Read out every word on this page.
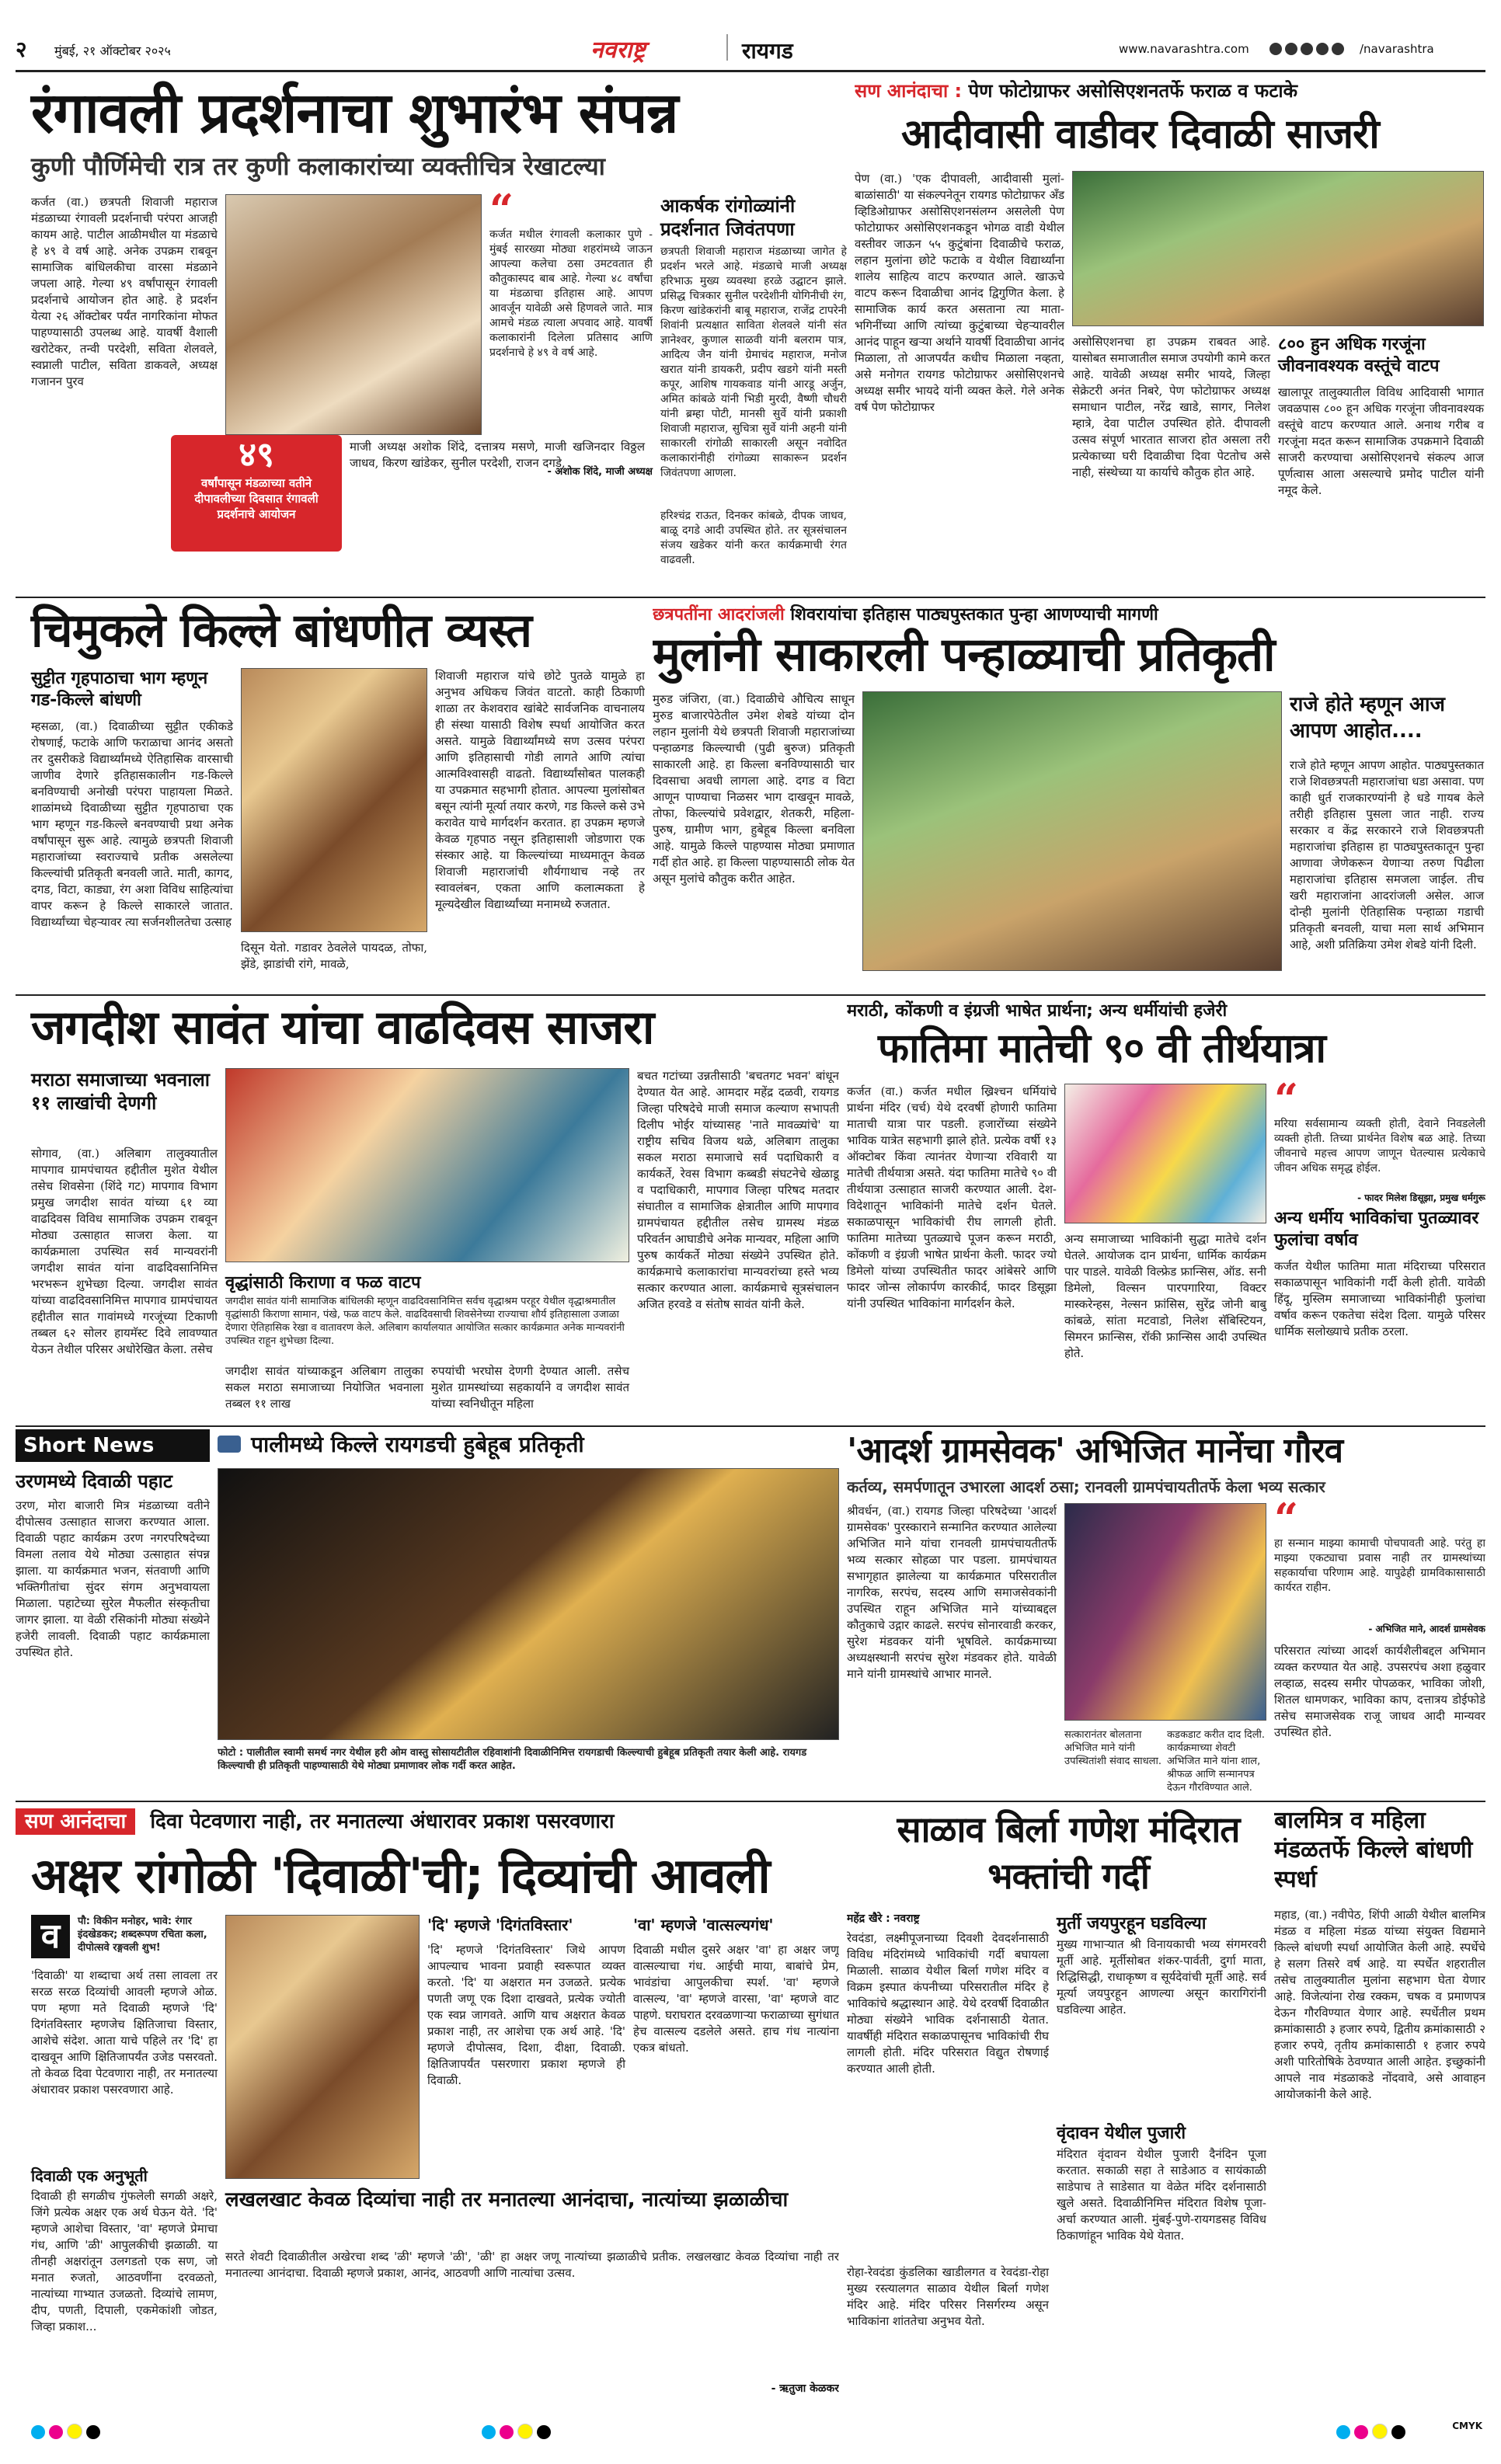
२ मुंबई, २१ ऑक्टोबर २०२५	नवराष्ट्र	रायगड	www.navarashtra.com	/navarashtra
रंगावली प्रदर्शनाचा शुभारंभ संपन्न
कुणी पौर्णिमेची रात्र तर कुणी कलाकारांच्या व्यक्तीचित्र रेखाटल्या
कर्जत (वा.) छत्रपती शिवाजी महाराज मंडळाच्या रंगावली प्रदर्शनाची परंपरा आजही कायम आहे. पाटील आळीमधील या मंडळाचे हे ४९ वे वर्ष आहे. अनेक उपक्रम राबवून सामाजिक बांधिलकीचा वारसा मंडळाने जपला आहे. गेल्या ४९ वर्षांपासून रंगावली प्रदर्शनाचे आयोजन होत आहे. हे प्रदर्शन येत्या २६ ऑक्टोबर पर्यंत नागरिकांना मोफत पाहण्यासाठी उपलब्ध आहे. यावर्षी वैशाली खरोटेकर, तन्वी परदेशी, सविता शेलवले, स्वप्नाली पाटील, सविता डाकवले, अध्यक्ष गजानन पुरव
४९
वर्षांपासून मंडळाच्या वतीने दीपावलीच्या दिवसात रंगावली प्रदर्शनाचे आयोजन
“
कर्जत मधील रंगावली कलाकार पुणे - मुंबई सारख्या मोठ्या शहरांमध्ये जाऊन आपल्या कलेचा ठसा उमटवतात ही कौतुकास्पद बाब आहे. गेल्या ४८ वर्षांचा या मंडळाचा इतिहास आहे. आपण आवर्जून यावेळी असे हिणवले जाते. मात्र आमचे मंडळ त्याला अपवाद आहे. यावर्षी कलाकारांनी दिलेला प्रतिसाद आणि प्रदर्शनाचे हे ४९ वे वर्ष आहे.
- अशोक शिंदे, माजी अध्यक्ष
माजी अध्यक्ष अशोक शिंदे, दत्तात्रय मसणे, माजी खजिनदार विठ्ठल जाधव, किरण खांडेकर, सुनील परदेशी, राजन दगडे,
आकर्षक रांगोळ्यांनी प्रदर्शनात जिवंतपणा
छत्रपती शिवाजी महाराज मंडळाच्या जागेत हे प्रदर्शन भरले आहे. मंडळाचे माजी अध्यक्ष हरिभाऊ मुख्य व्यवस्था हरळे उद्घाटन झाले. प्रसिद्ध चित्रकार सुनील परदेशीनी योगिनीची रंग, किरण खांडेकरांनी बाबू महाराज, राजेंद्र टापरेनी शिवांनी प्रत्यक्षात साविता शेलवले यांनी संत ज्ञानेश्वर, कुणाल साळवी यांनी बलराम पात्र, आदित्य जैन यांनी ग्रेमाचंद महाराज, मनोज खरात यांनी डायकरी, प्रदीप खडगे यांनी मस्ती कपूर, आशिष गायकवाड यांनी आरडू अर्जुन, अमित कांबळे यांनी भिडी मुरदी, वैष्णी चौधरी यांनी ब्रम्हा पोटी, मानसी सुर्वे यांनी प्रकाशी शिवाजी महाराज, सुचित्रा सुर्वे यांनी अहनी यांनी साकारली रांगोळी साकारली असून नवोदित कलाकारांनीही रांगोळ्या साकारून प्रदर्शन जिवंतपणा आणला.
हरिश्चंद्र राऊत, दिनकर कांबळे, दीपक जाधव, बाळू दगडे आदी उपस्थित होते. तर सूत्रसंचालन संजय खडेकर यांनी करत कार्यक्रमाची रंगत वाढवली.
सण आनंदाचा : पेण फोटोग्राफर असोसिएशनतर्फे फराळ व फटाके
आदीवासी वाडीवर दिवाळी साजरी
पेण (वा.) 'एक दीपावली, आदीवासी मुलां-बाळांसाठी' या संकल्पनेतून रायगड फोटोग्राफर अँड व्हिडिओग्राफर असोसिएशनसंलग्न असलेली पेण फोटोग्राफर असोसिएशनकडून भोगळ वाडी येथील वस्तीवर जाऊन ५५ कुटुंबांना दिवाळीचे फराळ, लहान मुलांना छोटे फटाके व येथील विद्यार्थ्यांना शालेय साहित्य वाटप करण्यात आले. खाऊचे वाटप करून दिवाळीचा आनंद द्विगुणित केला. हे सामाजिक कार्य करत असताना त्या माता-भगिनींच्या आणि त्यांच्या कुटुंबाच्या चेहऱ्यावरील आनंद पाहून खऱ्या अर्थाने यावर्षी दिवाळीचा आनंद मिळाला, तो आजपर्यंत कधीच मिळाला नव्हता, असे मनोगत रायगड फोटोग्राफर असोसिएशनचे अध्यक्ष समीर भायदे यांनी व्यक्त केले. गेले अनेक वर्ष पेण फोटोग्राफर
असोसिएशनचा हा उपक्रम राबवत आहे. यासोबत समाजातील समाज उपयोगी कामे करत आहे. यावेळी अध्यक्ष समीर भायदे, जिल्हा सेक्रेटरी अनंत निबरे, पेण फोटोग्राफर अध्यक्ष समाधान पाटील, नरेंद्र खाडे, सागर, निलेश म्हात्रे, देवा पाटील उपस्थित होते. दीपावली उत्सव संपूर्ण भारतात साजरा होत असला तरी प्रत्येकाच्या घरी दिवाळीचा दिवा पेटतोच असे नाही, संस्थेच्या या कार्याचे कौतुक होत आहे.
८०० हुन अधिक गरजूंना जीवनावश्यक वस्तूंचे वाटप
खालापूर तालुक्यातील विविध आदिवासी भागात जवळपास ८०० हून अधिक गरजूंना जीवनावश्यक वस्तूंचे वाटप करण्यात आले. अनाथ गरीब व गरजूंना मदत करून सामाजिक उपक्रमाने दिवाळी साजरी करण्याचा असोसिएशनचे संकल्प आज पूर्णत्वास आला असल्याचे प्रमोद पाटील यांनी नमूद केले.
चिमुकले किल्ले बांधणीत व्यस्त
सुट्टीत गृहपाठाचा भाग म्हणून गड-किल्ले बांधणी
म्हसळा, (वा.) दिवाळीच्या सुट्टीत एकीकडे रोषणाई, फटाके आणि फराळाचा आनंद असतो तर दुसरीकडे विद्यार्थ्यांमध्ये ऐतिहासिक वारसाची जाणीव देणारे इतिहासकालीन गड-किल्ले बनविण्याची अनोखी परंपरा पाहायला मिळते. शाळांमध्ये दिवाळीच्या सुट्टीत गृहपाठाचा एक भाग म्हणून गड-किल्ले बनवण्याची प्रथा अनेक वर्षांपासून सुरू आहे. त्यामुळे छत्रपती शिवाजी महाराजांच्या स्वराज्याचे प्रतीक असलेल्या किल्ल्यांची प्रतिकृती बनवली जाते. माती, कागद, दगड, विटा, काड्या, रंग अशा विविध साहित्यांचा वापर करून हे किल्ले साकारले जातात. विद्यार्थ्यांच्या चेहऱ्यावर त्या सर्जनशीलतेचा उत्साह
दिसून येतो. गडावर ठेवलेले पायदळ, तोफा, झेंडे, झाडांची रांगे, मावळे,
शिवाजी महाराज यांचे छोटे पुतळे यामुळे हा अनुभव अधिकच जिवंत वाटतो. काही ठिकाणी शाळा तर केशवराव खांबेटे सार्वजनिक वाचनालय ही संस्था यासाठी विशेष स्पर्धा आयोजित करत असते. यामुळे विद्यार्थ्यांमध्ये सण उत्सव परंपरा आणि इतिहासाची गोडी लागते आणि त्यांचा आत्मविश्वासही वाढतो. विद्यार्थ्यांसोबत पालकही या उपक्रमात सहभागी होतात. आपल्या मुलांसोबत बसून त्यांनी मूर्त्या तयार करणे, गड किल्ले कसे उभे करावेत याचे मार्गदर्शन करतात. हा उपक्रम म्हणजे केवळ गृहपाठ नसून इतिहासाशी जोडणारा एक संस्कार आहे. या किल्ल्यांच्या माध्यमातून केवळ शिवाजी महाराजांची शौर्यगाथाच नव्हे तर स्वावलंबन, एकता आणि कलात्मकता हे मूल्यदेखील विद्यार्थ्यांच्या मनामध्ये रुजतात.
छत्रपतींना आदरांजली शिवरायांचा इतिहास पाठ्यपुस्तकात पुन्हा आणण्याची मागणी
मुलांनी साकारली पन्हाळ्याची प्रतिकृती
मुरुड जंजिरा, (वा.) दिवाळीचे औचित्य साधून मुरुड बाजारपेठेतील उमेश शेबडे यांच्या दोन लहान मुलांनी येथे छत्रपती शिवाजी महाराजांच्या पन्हाळगड किल्ल्याची (पुढी बुरुज) प्रतिकृती साकारली आहे. हा किल्ला बनविण्यासाठी चार दिवसाचा अवधी लागला आहे. दगड व विटा आणून पाण्याचा निळसर भाग दाखवून मावळे, तोफा, किल्ल्यांचे प्रवेशद्वार, शेतकरी, महिला-पुरुष, ग्रामीण भाग, हुबेहूब किल्ला बनविला आहे. यामुळे किल्ले पाहण्यास मोठ्या प्रमाणात गर्दी होत आहे. हा किल्ला पाहण्यासाठी लोक येत असून मुलांचे कौतुक करीत आहेत.
राजे होते म्हणून आज आपण आहोत....
राजे होते म्हणून आपण आहोत. पाठ्यपुस्तकात राजे शिवछत्रपती महाराजांचा धडा असावा. पण काही धुर्त राजकारण्यांनी हे धडे गायब केले तरीही इतिहास पुसला जात नाही. राज्य सरकार व केंद्र सरकारने राजे शिवछत्रपती महाराजांचा इतिहास हा पाठ्यपुस्तकातून पुन्हा आणावा जेणेकरून येणाऱ्या तरुण पिढीला महाराजांचा इतिहास समजला जाईल. तीच खरी महाराजांना आदरांजली असेल. आज दोन्ही मुलांनी ऐतिहासिक पन्हाळा गडाची प्रतिकृती बनवली, याचा मला सार्थ अभिमान आहे, अशी प्रतिक्रिया उमेश शेबडे यांनी दिली.
जगदीश सावंत यांचा वाढदिवस साजरा
मराठा समाजाच्या भवनाला ११ लाखांची देणगी
सोगाव, (वा.) अलिबाग तालुक्यातील मापगाव ग्रामपंचायत हद्दीतील मुशेत येथील तसेच शिवसेना (शिंदे गट) मापगाव विभाग प्रमुख जगदीश सावंत यांच्या ६१ व्या वाढदिवस विविध सामाजिक उपक्रम राबवून मोठ्या उत्साहात साजरा केला. या कार्यक्रमाला उपस्थित सर्व मान्यवरांनी जगदीश सावंत यांना वाढदिवसानिमित्त भरभरून शुभेच्छा दिल्या. जगदीश सावंत यांच्या वाढदिवसानिमित्त मापगाव ग्रामपंचायत हद्दीतील सात गावांमध्ये गरजूंच्या टिकाणी तब्बल ६२ सोलर हायमॅस्ट दिवे लावण्यात येऊन तेथील परिसर अधोरेखित केला. तसेच
वृद्धांसाठी किराणा व फळ वाटप
जगदीश सावंत यांनी सामाजिक बांधिलकी म्हणून वाढदिवसानिमित्त सर्वच वृद्धाश्रम परहूर येथील वृद्धाश्रमातील वृद्धांसाठी किराणा सामान, पंखे, फळ वाटप केले. वाढदिवसाची शिवसेनेच्या राज्याचा शौर्य इतिहासाला उजाळा देणारा ऐतिहासिक रेखा व वातावरण केले. अलिबाग कार्यालयात आयोजित सत्कार कार्यक्रमात अनेक मान्यवरांनी उपस्थित राहून शुभेच्छा दिल्या.
जगदीश सावंत यांच्याकडून अलिबाग तालुका सकल मराठा समाजाच्या नियोजित भवनाला तब्बल ११ लाख
रुपयांची भरघोस देणगी देण्यात आली. तसेच मुशेत ग्रामस्थांच्या सहकार्याने व जगदीश सावंत यांच्या स्वनिधीतून महिला
बचत गटांच्या उन्नतीसाठी 'बचतगट भवन' बांधून देण्यात येत आहे. आमदार महेंद्र दळवी, रायगड जिल्हा परिषदेचे माजी समाज कल्याण सभापती दिलीप भोईर यांच्यासह 'नाते मावळ्यांचे' या राष्ट्रीय सचिव विजय थळे, अलिबाग तालुका सकल मराठा समाजाचे सर्व पदाधिकारी व कार्यकर्ते, रेवस विभाग कब्बडी संघटनेचे खेळाडू व पदाधिकारी, मापगाव जिल्हा परिषद मतदार संघातील व सामाजिक क्षेत्रातील आणि मापगाव ग्रामपंचायत हद्दीतील तसेच ग्रामस्थ मंडळ परिवर्तन आघाडीचे अनेक मान्यवर, महिला आणि पुरुष कार्यकर्ते मोठ्या संख्येने उपस्थित होते. कार्यक्रमाचे कलाकारांचा मान्यवरांच्या हस्ते भव्य सत्कार करण्यात आला. कार्यक्रमाचे सूत्रसंचालन अजित हरवडे व संतोष सावंत यांनी केले.
मराठी, कोंकणी व इंग्रजी भाषेत प्रार्थना; अन्य धर्मीयांची हजेरी
फातिमा मातेची ९० वी तीर्थयात्रा
कर्जत (वा.) कर्जत मधील ख्रिश्चन धर्मियांचे प्रार्थना मंदिर (चर्च) येथे दरवर्षी होणारी फातिमा माताची यात्रा पार पडली. हजारोंच्या संख्येने भाविक यात्रेत सहभागी झाले होते. प्रत्येक वर्षी १३ ऑक्टोबर किंवा त्यानंतर येणाऱ्या रविवारी या मातेची तीर्थयात्रा असते. यंदा फातिमा मातेचे ९० वी तीर्थयात्रा उत्साहात साजरी करण्यात आली. देश-विदेशातून भाविकांनी मातेचे दर्शन घेतले. सकाळपासून भाविकांची रीघ लागली होती. फातिमा मातेच्या पुतळ्याचे पूजन करून मराठी, कोंकणी व इंग्रजी भाषेत प्रार्थना केली. फादर ज्यो डिमेलो यांच्या उपस्थितीत फादर आंबेसरे आणि फादर जोन्स लोकार्पण कारकीर्द, फादर डिसूझा यांनी उपस्थित भाविकांना मार्गदर्शन केले.
अन्य समाजाच्या भाविकांनी सुद्धा मातेचे दर्शन घेतले. आयोजक दान प्रार्थना, धार्मिक कार्यक्रम पार पाडले. यावेळी विल्फ्रेड फ्रान्सिस, ऑड. सनी डिमेलो, विल्सन पारपगारिया, विक्टर मास्करेन्हस, नेल्सन फ्रांसिस, सुरेंद्र जोनी बाबु कांबळे, सांता मटवाडो, निलेश सॅबिस्टियन, सिमरन फ्रान्सिस, रॉकी फ्रान्सिस आदी उपस्थित होते.
“
मरिया सर्वसामान्य व्यक्ती होती, देवाने निवडलेली व्यक्ती होती. तिच्या प्रार्थनेत विशेष बळ आहे. तिच्या जीवनाचे महत्त्व आपण जाणून घेतल्यास प्रत्येकाचे जीवन अधिक समृद्ध होईल.
- फादर मिलेश डिसूझा, प्रमुख धर्मगुरू
अन्य धर्मीय भाविकांचा पुतळ्यावर फुलांचा वर्षाव
कर्जत येथील फातिमा माता मंदिराच्या परिसरात सकाळपासून भाविकांनी गर्दी केली होती. यावेळी हिंदू, मुस्लिम समाजाच्या भाविकांनीही फुलांचा वर्षाव करून एकतेचा संदेश दिला. यामुळे परिसर धार्मिक सलोख्याचे प्रतीक ठरला.
Short News
उरणमध्ये दिवाळी पहाट
उरण, मोरा बाजारी मित्र मंडळाच्या वतीने दीपोत्सव उत्साहात साजरा करण्यात आला. दिवाळी पहाट कार्यक्रम उरण नगरपरिषदेच्या विमला तलाव येथे मोठ्या उत्साहात संपन्न झाला. या कार्यक्रमात भजन, संतवाणी आणि भक्तिगीतांचा सुंदर संगम अनुभवायला मिळाला. पहाटेच्या सुरेल मैफलीत संस्कृतीचा जागर झाला. या वेळी रसिकांनी मोठ्या संख्येने हजेरी लावली. दिवाळी पहाट कार्यक्रमाला उपस्थित होते.
पालीमध्ये किल्ले रायगडची हुबेहूब प्रतिकृती
फोटो : पालीतील स्वामी समर्थ नगर येथील हरी ओम वास्तु सोसायटीतील रहिवाशांनी दिवाळीनिमित्त रायगडाची किल्ल्याची हुबेहूब प्रतिकृती तयार केली आहे. रायगड किल्ल्याची ही प्रतिकृती पाहण्यासाठी येथे मोठ्या प्रमाणावर लोक गर्दी करत आहेत.
'आदर्श ग्रामसेवक' अभिजित मानेंचा गौरव
कर्तव्य, समर्पणातून उभारला आदर्श ठसा; रानवली ग्रामपंचायतीतर्फे केला भव्य सत्कार
श्रीवर्धन, (वा.) रायगड जिल्हा परिषदेच्या 'आदर्श ग्रामसेवक' पुरस्काराने सन्मानित करण्यात आलेल्या अभिजित माने यांचा रानवली ग्रामपंचायतीतर्फे भव्य सत्कार सोहळा पार पडला. ग्रामपंचायत सभागृहात झालेल्या या कार्यक्रमात परिसरातील नागरिक, सरपंच, सदस्य आणि समाजसेवकांनी उपस्थित राहून अभिजित माने यांच्याबद्दल कौतुकाचे उद्गार काढले. सरपंच सोनारवाडी करकर, सुरेश मंडवकर यांनी भूषविले. कार्यक्रमाच्या अध्यक्षस्थानी सरपंच सुरेश मंडवकर होते. यावेळी माने यांनी ग्रामस्थांचे आभार मानले.
सत्कारानंतर बोलताना अभिजित माने यांनी उपस्थितांशी संवाद साधला.
कडकडाट करीत दाद दिली. कार्यक्रमाच्या शेवटी अभिजित माने यांना शाल, श्रीफळ आणि सन्मानपत्र देऊन गौरविण्यात आले.
“
हा सन्मान माझ्या कामाची पोचपावती आहे. परंतु हा माझ्या एकट्याचा प्रवास नाही तर ग्रामस्थांच्या सहकार्याचा परिणाम आहे. यापुढेही ग्रामविकासासाठी कार्यरत राहीन.
- अभिजित माने, आदर्श ग्रामसेवक
परिसरात त्यांच्या आदर्श कार्यशैलीबद्दल अभिमान व्यक्त करण्यात येत आहे. उपसरपंच अशा हळुवार लव्हाळ, सदस्य समीर पोपळकर, भाविका जोशी, शितल धामणकर, भाविका काप, दत्तात्रय डोईफोडे तसेच समाजसेवक राजू जाधव आदी मान्यवर उपस्थित होते.
सण आनंदाचा दिवा पेटवणारा नाही, तर मनातल्या अंधारावर प्रकाश पसरवणारा
अक्षर रांगोळी 'दिवाळी'ची; दिव्यांची आवली
व	पौ: विकीन मनोहर, भावे: रंगार इंदखेडकर; शब्दरूपण रचिता कला, दीपोत्सवे रङ्गवली शुभ!
'दिवाळी' या शब्दाचा अर्थ तसा लावला तर सरळ सरळ दिव्यांची आवली म्हणजे ओळ. पण म्हणा मते दिवाळी म्हणजे 'दि' दिगंतविस्तार म्हणजेच क्षितिजाचा विस्तार, आशेचे संदेश. आता याचे पहिले तर 'दि' हा दाखवून आणि क्षितिजापर्यंत उजेड पसरवतो. तो केवळ दिवा पेटवणारा नाही, तर मनातल्या अंधारावर प्रकाश पसरवणारा आहे.
दिवाळी एक अनुभूती
दिवाळी ही सगळीच गुंफलेली सगळी अक्षरे, जिंगे प्रत्येक अक्षर एक अर्थ घेऊन येते. 'दि' म्हणजे आशेचा विस्तार, 'वा' म्हणजे प्रेमाचा गंध, आणि 'ळी' आपुलकीची झळाळी. या तीनही अक्षरांतून उलगडतो एक सण, जो मनात रुजतो, आठवणींना दरवळतो, नात्यांच्या गाभ्यात उजळतो. दिव्यांचे लामण, दीप, पणती, दिपाली, एकमेकांशी जोडत, जिव्हा प्रकाश...
'दि' म्हणजे 'दिगंतविस्तार'
'दि' म्हणजे 'दिगंतविस्तार' जिथे आपण आपल्याच भावना प्रवाही स्वरूपात व्यक्त करतो. 'दि' या अक्षरात मन उजळते. प्रत्येक पणती जणू एक दिशा दाखवते, प्रत्येक ज्योती एक स्वप्न जागवते. आणि याच अक्षरात केवळ प्रकाश नाही, तर आशेचा एक अर्थ आहे. 'दि' म्हणजे दीपोत्सव, दिशा, दीक्षा, दिवाळी. क्षितिजापर्यंत पसरणारा प्रकाश म्हणजे ही दिवाळी.
'वा' म्हणजे 'वात्सल्यगंध'
दिवाळी मधील दुसरे अक्षर 'वा' हा अक्षर जणू वात्सल्याचा गंध. आईची माया, बाबांचे प्रेम, भावंडांचा आपुलकीचा स्पर्श. 'वा' म्हणजे वात्सल्य, 'वा' म्हणजे वारसा, 'वा' म्हणजे वाट पाहणे. घराघरात दरवळणाऱ्या फराळाच्या सुगंधात हेच वात्सल्य दडलेले असते. हाच गंध नात्यांना एकत्र बांधतो.
लखलखाट केवळ दिव्यांचा नाही तर मनातल्या आनंदाचा, नात्यांच्या झळाळीचा
सरते शेवटी दिवाळीतील अखेरचा शब्द 'ळी' म्हणजे 'ळी', 'ळी' हा अक्षर जणू नात्यांच्या झळाळीचे प्रतीक. लखलखाट केवळ दिव्यांचा नाही तर मनातल्या आनंदाचा. दिवाळी म्हणजे प्रकाश, आनंद, आठवणी आणि नात्यांचा उत्सव.
- ऋतुजा केळकर
साळाव बिर्ला गणेश मंदिरात भक्तांची गर्दी
महेंद्र खैरे : नवराष्ट्र
रेवदंडा, लक्ष्मीपूजनाच्या दिवशी देवदर्शनासाठी विविध मंदिरांमध्ये भाविकांची गर्दी बघायला मिळाली. साळाव येथील बिर्ला गणेश मंदिर व विक्रम इस्पात कंपनीच्या परिसरातील मंदिर हे भाविकांचे श्रद्धास्थान आहे. येथे दरवर्षी दिवाळीत मोठ्या संख्येने भाविक दर्शनासाठी येतात. यावर्षीही मंदिरात सकाळपासूनच भाविकांची रीघ लागली होती. मंदिर परिसरात विद्युत रोषणाई करण्यात आली होती.
रोहा-रेवदंडा कुंडलिका खाडीलगत व रेवदंडा-रोहा मुख्य रस्त्यालगत साळाव येथील बिर्ला गणेश मंदिर आहे. मंदिर परिसर निसर्गरम्य असून भाविकांना शांततेचा अनुभव येतो.
मुर्ती जयपुरहून घडविल्या
मुख्य गाभाऱ्यात श्री विनायकाची भव्य संगमरवरी मूर्ती आहे. मूर्तीसोबत शंकर-पार्वती, दुर्गा माता, रिद्धिसिद्धी, राधाकृष्ण व सूर्यदेवांची मूर्ती आहे. सर्व मूर्त्या जयपुरहून आणल्या असून कारागिरांनी घडविल्या आहेत.
वृंदावन येथील पुजारी
मंदिरात वृंदावन येथील पुजारी दैनंदिन पूजा करतात. सकाळी सहा ते साडेआठ व सायंकाळी साडेपाच ते साडेसात या वेळेत मंदिर दर्शनासाठी खुले असते. दिवाळीनिमित्त मंदिरात विशेष पूजा-अर्चा करण्यात आली. मुंबई-पुणे-रायगडसह विविध ठिकाणांहून भाविक येथे येतात.
बालमित्र व महिला मंडळतर्फे किल्ले बांधणी स्पर्धा
महाड, (वा.) नवीपेठ, शिंपी आळी येथील बालमित्र मंडळ व महिला मंडळ यांच्या संयुक्त विद्यमाने किल्ले बांधणी स्पर्धा आयोजित केली आहे. स्पर्धेचे हे सलग तिसरे वर्ष आहे. या स्पर्धेत शहरातील तसेच तालुक्यातील मुलांना सहभाग घेता येणार आहे. विजेत्यांना रोख रक्कम, चषक व प्रमाणपत्र देऊन गौरविण्यात येणार आहे. स्पर्धेतील प्रथम क्रमांकासाठी ३ हजार रुपये, द्वितीय क्रमांकासाठी २ हजार रुपये, तृतीय क्रमांकासाठी १ हजार रुपये अशी पारितोषिके ठेवण्यात आली आहेत. इच्छुकांनी आपले नाव मंडळाकडे नोंदवावे, असे आवाहन आयोजकांनी केले आहे.

CMYK
